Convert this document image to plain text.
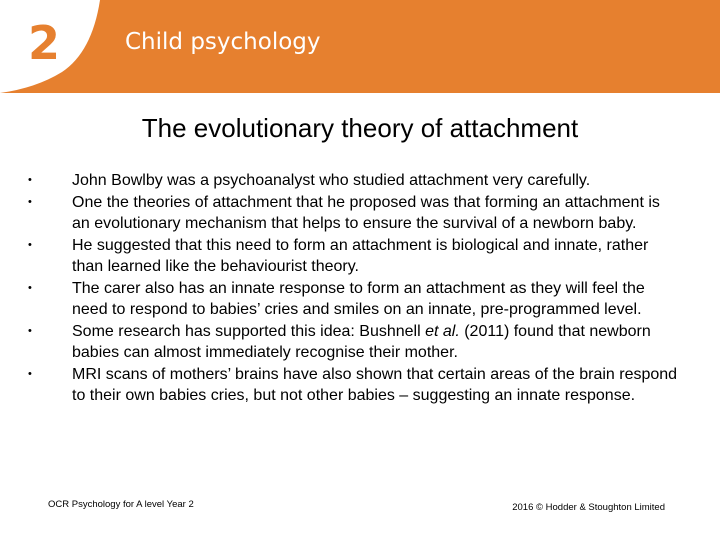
2	Child psychology
The evolutionary theory of attachment
•	John Bowlby was a psychoanalyst who studied attachment very carefully.
•	One the theories of attachment that he proposed was that forming an attachment is an evolutionary mechanism that helps to ensure the survival of a newborn baby.
•	He suggested that this need to form an attachment is biological and innate, rather than learned like the behaviourist theory.
•	The carer also has an innate response to form an attachment as they will feel the need to respond to babies’ cries and smiles on an innate, pre-programmed level.
•	Some research has supported this idea: Bushnell et al. (2011) found that newborn babies can almost immediately recognise their mother.
•	MRI scans of mothers’ brains have also shown that certain areas of the brain respond to their own babies cries, but not other babies – suggesting an innate response.
OCR Psychology for A level Year 2	2016 © Hodder & Stoughton Limited
